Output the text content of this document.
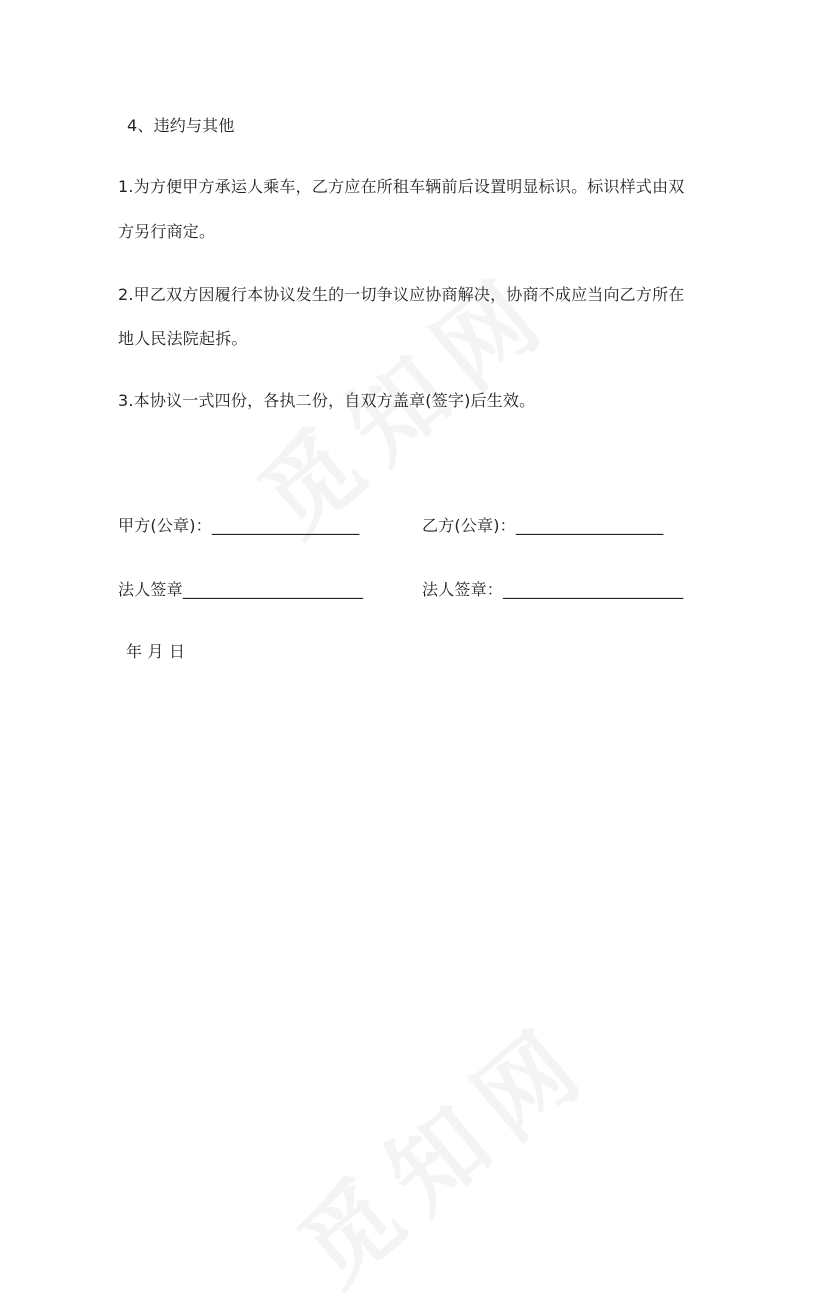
4、违约与其他
1.为方便甲方承运人乘车，乙方应在所租车辆前后设置明显标识。标识样式由双
方另行商定。
2.甲乙双方因履行本协议发生的一切争议应协商解决，协商不成应当向乙方所在
地人民法院起拆。
3.本协议一式四份，各执二份，自双方盖章(签字)后生效。
甲方(公章)：__________________	乙方(公章)：__________________
法人签章______________________	法人签章：______________________
年 月 日
